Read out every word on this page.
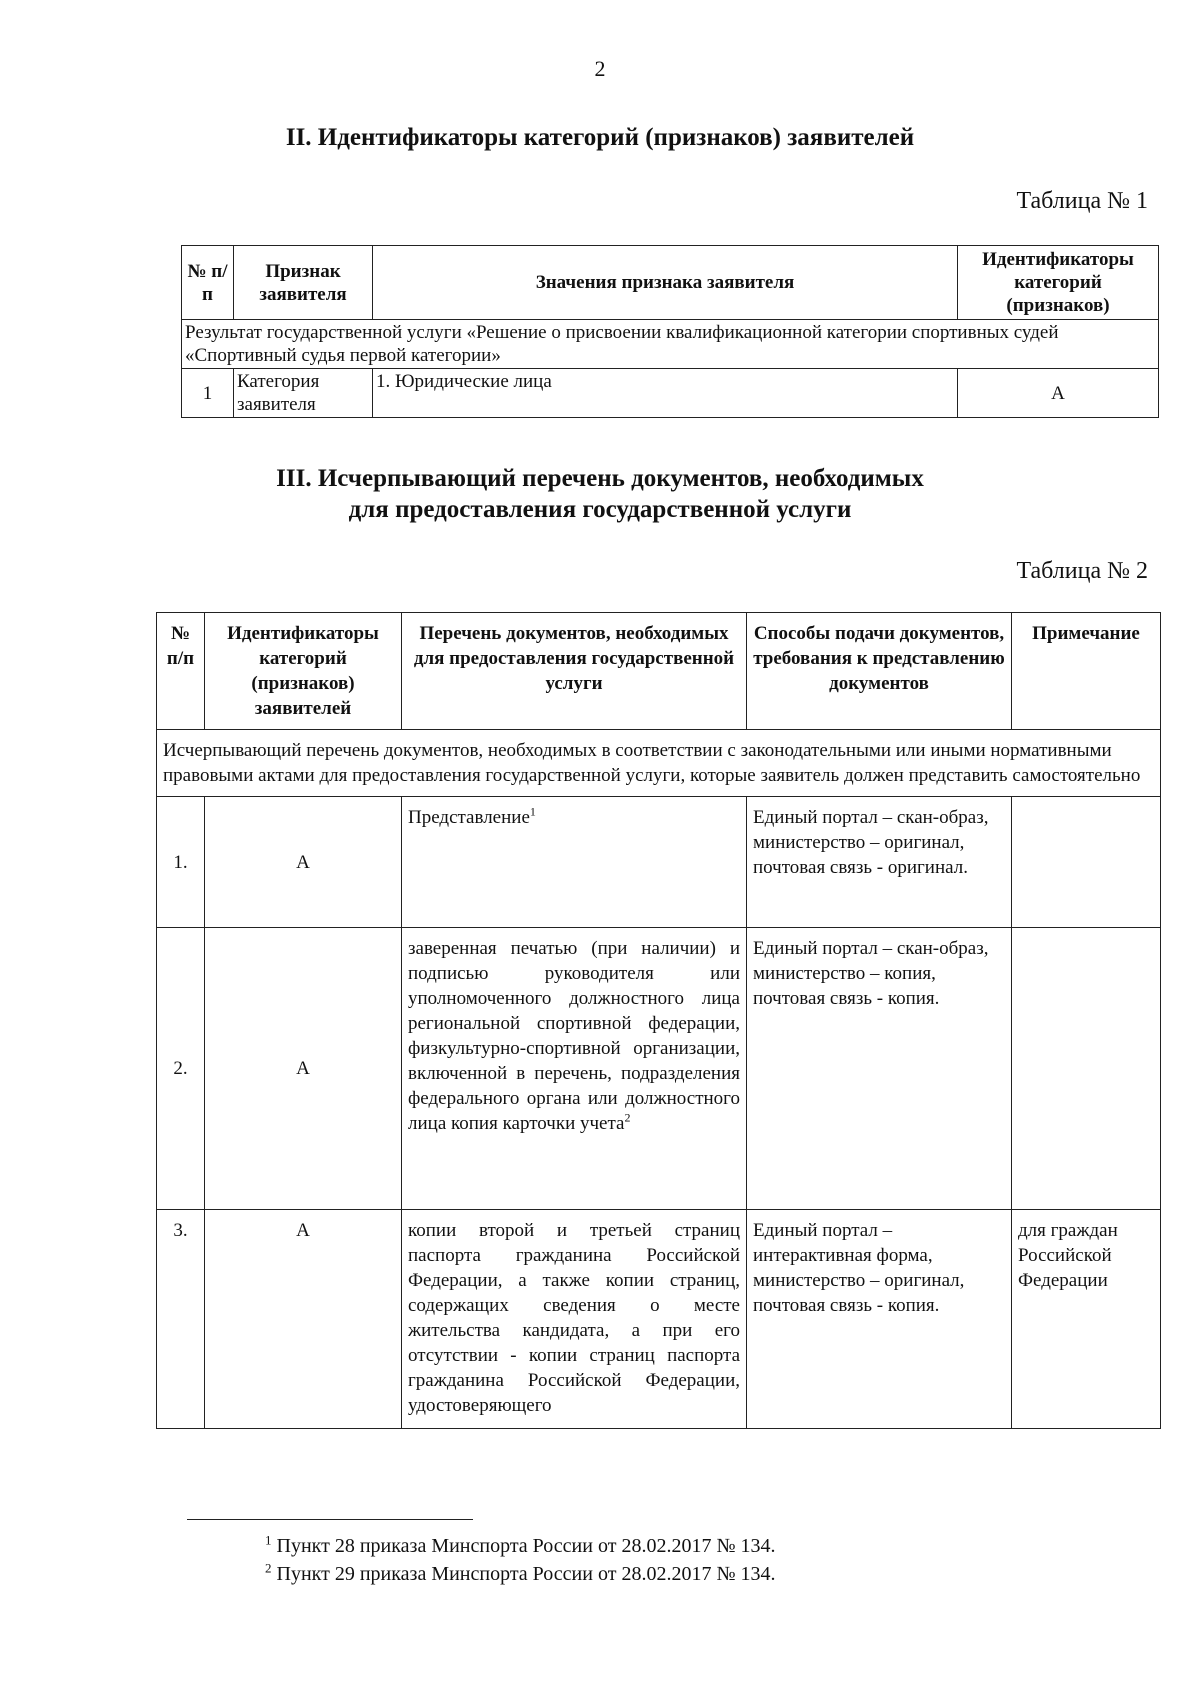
2
II. Идентификаторы категорий (признаков) заявителей
Таблица № 1
№ п/п	Признак заявителя	Значения признака заявителя	Идентификаторы категорий (признаков)
Результат государственной услуги «Решение о присвоении квалификационной категории спортивных судей «Спортивный судья первой категории»			
1	Категория заявителя	1. Юридические лица	А
III. Исчерпывающий перечень документов, необходимых
для предоставления государственной услуги
Таблица № 2
№ п/п	Идентификаторы категорий (признаков) заявителей	Перечень документов, необходимых для предоставления государственной услуги	Способы подачи документов, требования к представлению документов	Примечание
Исчерпывающий перечень документов, необходимых в соответствии с законодательными или иными нормативными правовыми актами для предоставления государственной услуги, которые заявитель должен представить самостоятельно				
1.	А	Представление$^1$	Единый портал – скан-образ, министерство – оригинал, почтовая связь - оригинал.	
2.	А	заверенная печатью (при наличии) и подписью руководителя или уполномоченного должностного лица региональной спортивной федерации, физкультурно-спортивной организации, включенной в перечень, подразделения федерального органа или должностного лица копия карточки учета$^2$	Единый портал – скан-образ, министерство – копия, почтовая связь - копия.	
3.	А	копии второй и третьей страниц паспорта гражданина Российской Федерации, а также копии страниц, содержащих сведения о месте жительства кандидата, а при его отсутствии - копии страниц паспорта гражданина Российской Федерации, удостоверяющего	Единый портал – интерактивная форма, министерство – оригинал, почтовая связь - копия.	для граждан Российской Федерации
$^1$ Пункт 28 приказа Минспорта России от 28.02.2017 № 134.
$^2$ Пункт 29 приказа Минспорта России от 28.02.2017 № 134.
